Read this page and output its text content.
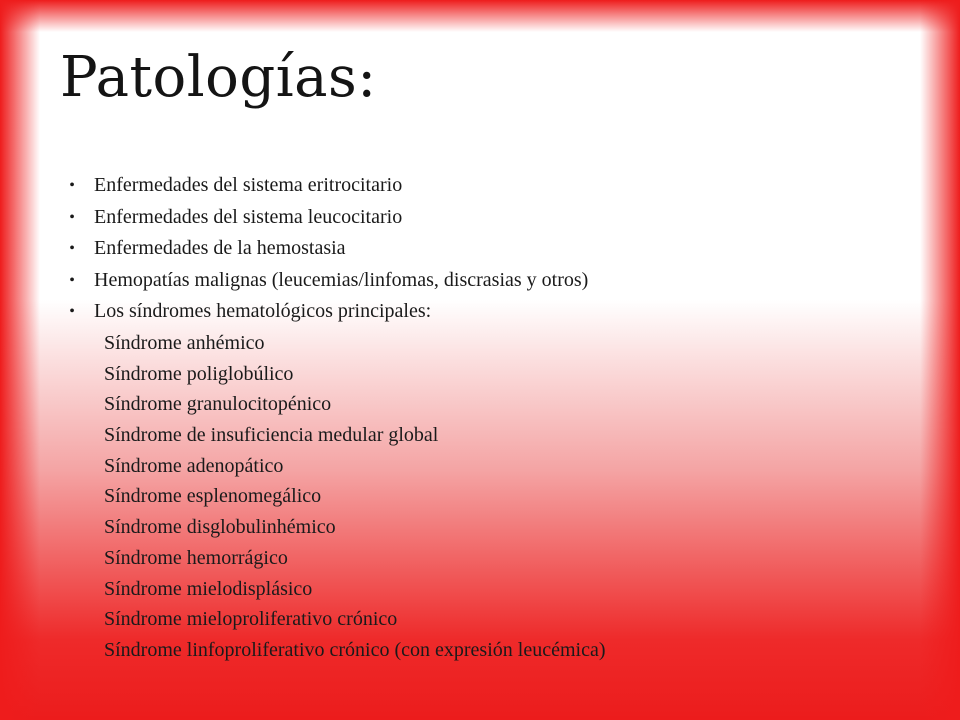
Patologías:
• Enfermedades del sistema eritrocitario
• Enfermedades del sistema leucocitario
• Enfermedades de la hemostasia
• Hemopatías malignas (leucemias/linfomas, discrasias y otros)
• Los síndromes hematológicos principales:
Síndrome anhémico
Síndrome poliglobúlico
Síndrome granulocitopénico
Síndrome de insuficiencia medular global
Síndrome adenopático
Síndrome esplenomegálico
Síndrome disglobulinhémico
Síndrome hemorrágico
Síndrome mielodisplásico
Síndrome mieloproliferativo crónico
Síndrome linfoproliferativo crónico (con expresión leucémica)
